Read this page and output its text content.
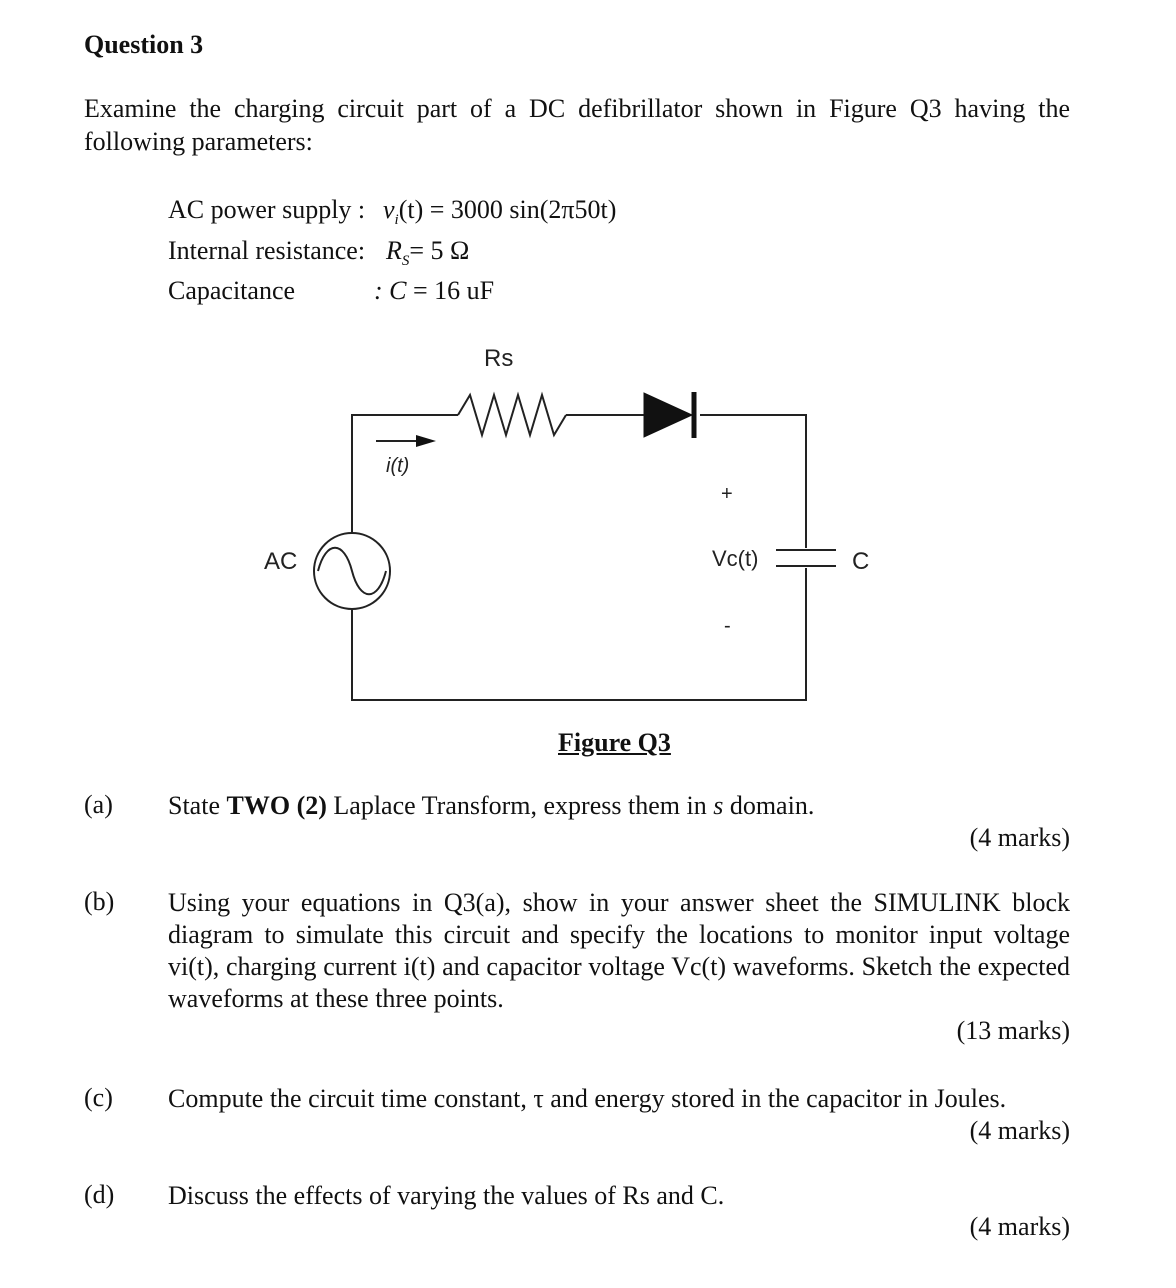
Question 3
Examine the charging circuit part of a DC defibrillator shown in Figure Q3 having the following parameters:
AC power supply : $v_i(t) = 3000$ sin(2π50t)
Internal resistance: $R_S= 5$ Ω
Capacitance	: C = 16 uF
Rs
i(t)
AC
+
-
Vc(t)	C
Figure Q3
(a) State TWO (2) Laplace Transform, express them in s domain.
(4 marks)
(b) Using your equations in Q3(a), show in your answer sheet the SIMULINK block diagram to simulate this circuit and specify the locations to monitor input voltage vi(t), charging current i(t) and capacitor voltage Vc(t) waveforms. Sketch the expected waveforms at these three points.
(13 marks)
(c) Compute the circuit time constant, τ and energy stored in the capacitor in Joules.
(4 marks)
(d) Discuss the effects of varying the values of Rs and C.
(4 marks)
